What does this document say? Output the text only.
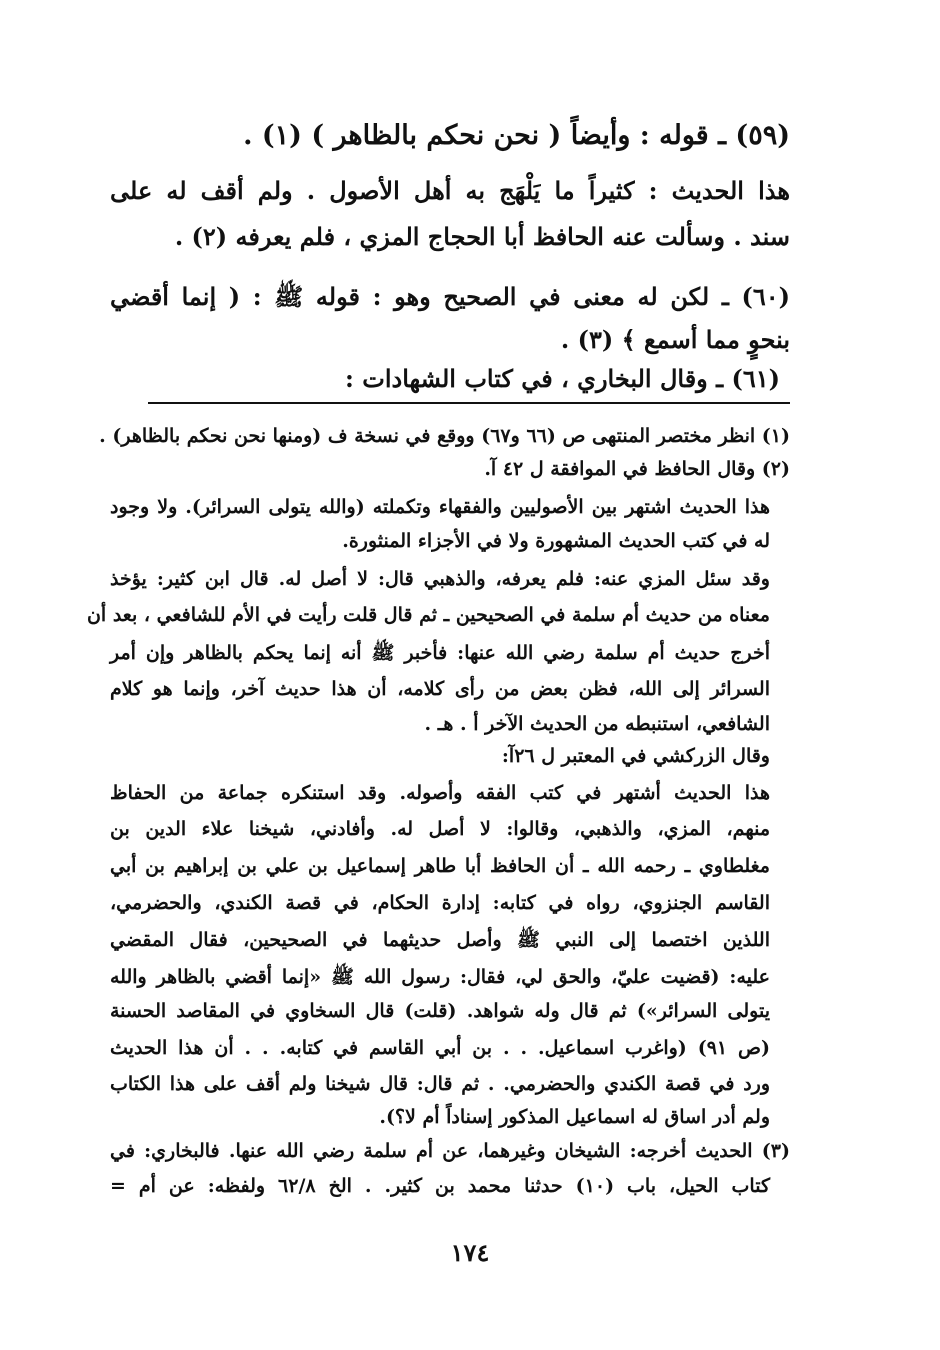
(٥٩) ـ قوله : وأيضاً ( نحن نحكم بالظاهر ) (١) .
هذا الحديث : كثيراً ما يَلْهَج به أهل الأصول . ولم أقف له على
سند . وسألت عنه الحافظ أبا الحجاج المزي ، فلم يعرفه (٢) .
(٦٠) ـ لكن له معنى في الصحيح وهو : قوله ﷺ : ( إنما أقضي
بنحوٍ مما أسمع ﴾ (٣) .
(٦١) ـ وقال البخاري ، في كتاب الشهادات :
(١) انظر مختصر المنتهى ص (٦٦ و٦٧) ووقع في نسخة ف (ومنها نحن نحكم بالظاهر) .
(٢) وقال الحافظ في الموافقة ل ٤٢ آ.
هذا الحديث اشتهر بين الأصوليين والفقهاء وتكملته (والله يتولى السرائر). ولا وجود
له في كتب الحديث المشهورة ولا في الأجزاء المنثورة.
وقد سئل المزي عنه: فلم يعرفه، والذهبي قال: لا أصل له. قال ابن كثير: يؤخذ
معناه من حديث أم سلمة في الصحيحين ـ ثم قال قلت رأيت في الأم للشافعي ، بعد أن
أخرج حديث أم سلمة رضي الله عنها: فأخبر ﷺ أنه إنما يحكم بالظاهر وإن أمر
السرائر إلى الله، فظن بعض من رأى كلامه، أن هذا حديث آخر، وإنما هو كلام
الشافعي، استنبطه من الحديث الآخر أ . هـ .
وقال الزركشي في المعتبر ل ٢٦آ:
هذا الحديث أشتهر في كتب الفقه وأصوله. وقد استنكره جماعة من الحفاظ
منهم، المزي، والذهبي، وقالوا: لا أصل له. وأفادني، شيخنا علاء الدين بن
مغلطاوي ـ رحمه الله ـ أن الحافظ أبا طاهر إسماعيل بن علي بن إبراهيم بن أبي
القاسم الجنزوي، رواه في كتابه: إدارة الحكام، في قصة الكندي، والحضرمي،
اللذين اختصما إلى النبي ﷺ وأصل حديثهما في الصحيحين، فقال المقضي
عليه: (قضيت عليّ، والحق لي، فقال: رسول الله ﷺ «إنما أقضي بالظاهر والله
يتولى السرائر») ثم قال وله شواهد. (قلت) قال السخاوي في المقاصد الحسنة
(ص ٩١) (واغرب اسماعيل. . . بن أبي القاسم في كتابه. . . أن هذا الحديث
ورد في قصة الكندي والحضرمي. . ثم قال: قال شيخنا ولم أقف على هذا الكتاب
ولم أدر اساق له اسماعيل المذكور إسناداً أم لا؟).
(٣) الحديث أخرجه: الشيخان وغيرهما، عن أم سلمة رضي الله عنها. فالبخاري: في
كتاب الحيل، باب (١٠) حدثنا محمد بن كثير. . الخ ٦٢/٨ ولفظه: عن أم =
١٧٤
